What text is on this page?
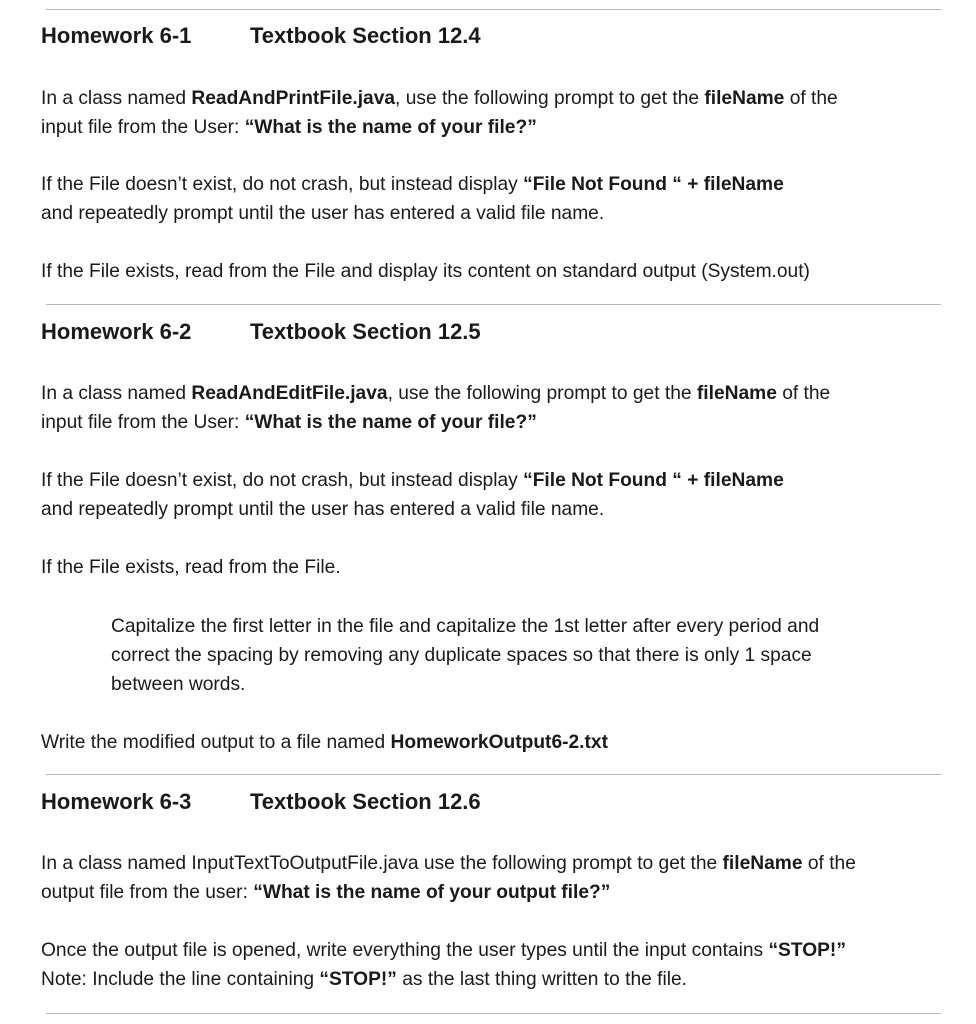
Homework 6-1	Textbook Section 12.4
In a class named ReadAndPrintFile.java, use the following prompt to get the fileName of the
input file from the User: “What is the name of your file?”
If the File doesn’t exist, do not crash, but instead display “File Not Found “ + fileName
and repeatedly prompt until the user has entered a valid file name.
If the File exists, read from the File and display its content on standard output (System.out)
Homework 6-2	Textbook Section 12.5
In a class named ReadAndEditFile.java, use the following prompt to get the fileName of the
input file from the User: “What is the name of your file?”
If the File doesn’t exist, do not crash, but instead display “File Not Found “ + fileName
and repeatedly prompt until the user has entered a valid file name.
If the File exists, read from the File.
Capitalize the first letter in the file and capitalize the 1st letter after every period and
correct the spacing by removing any duplicate spaces so that there is only 1 space
between words.
Write the modified output to a file named HomeworkOutput6-2.txt
Homework 6-3	Textbook Section 12.6
In a class named InputTextToOutputFile.java use the following prompt to get the fileName of the
output file from the user: “What is the name of your output file?”
Once the output file is opened, write everything the user types until the input contains “STOP!”
Note: Include the line containing “STOP!” as the last thing written to the file.
